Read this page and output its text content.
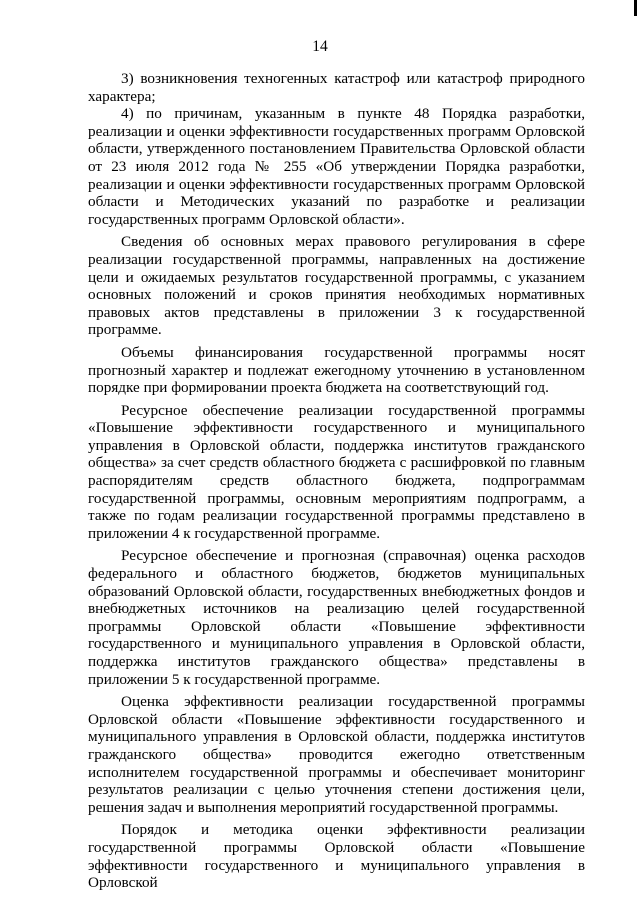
14

3) возникновения техногенных катастроф или катастроф природного характера;

4) по причинам, указанным в пункте 48 Порядка разработки, реализации и оценки эффективности государственных программ Орловской области, утвержденного постановлением Правительства Орловской области от 23 июля 2012 года № 255 «Об утверждении Порядка разработки, реализации и оценки эффективности государственных программ Орловской области и Методических указаний по разработке и реализации государственных программ Орловской области».

Сведения об основных мерах правового регулирования в сфере реализации государственной программы, направленных на достижение цели и ожидаемых результатов государственной программы, с указанием основных положений и сроков принятия необходимых нормативных правовых актов представлены в приложении 3 к государственной программе.

Объемы финансирования государственной программы носят прогнозный характер и подлежат ежегодному уточнению в установленном порядке при формировании проекта бюджета на соответствующий год.

Ресурсное обеспечение реализации государственной программы «Повышение эффективности государственного и муниципального управления в Орловской области, поддержка институтов гражданского общества» за счет средств областного бюджета с расшифровкой по главным распорядителям средств областного бюджета, подпрограммам государственной программы, основным мероприятиям подпрограмм, а также по годам реализации государственной программы представлено в приложении 4 к государственной программе.

Ресурсное обеспечение и прогнозная (справочная) оценка расходов федерального и областного бюджетов, бюджетов муниципальных образований Орловской области, государственных внебюджетных фондов и внебюджетных источников на реализацию целей государственной программы Орловской области «Повышение эффективности государственного и муниципального управления в Орловской области, поддержка институтов гражданского общества» представлены в приложении 5 к государственной программе.

Оценка эффективности реализации государственной программы Орловской области «Повышение эффективности государственного и муниципального управления в Орловской области, поддержка институтов гражданского общества» проводится ежегодно ответственным исполнителем государственной программы и обеспечивает мониторинг результатов реализации с целью уточнения степени достижения цели, решения задач и выполнения мероприятий государственной программы.

Порядок и методика оценки эффективности реализации государственной программы Орловской области «Повышение эффективности государственного и муниципального управления в Орловской
